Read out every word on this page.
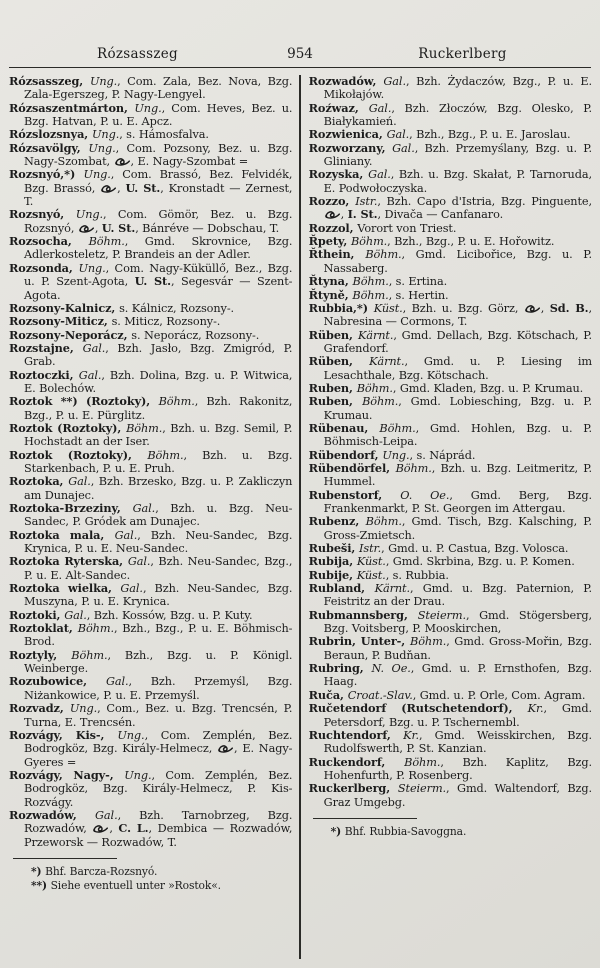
Rózsasszeg	954	Ruckerlberg
Rózsasszeg, Ung., Com. Zala, Bez. Nova, Bzg. Zala-Egerszeg, P. Nagy-Lengyel.
Rózsaszentmárton, Ung., Com. Heves, Bez. u. Bzg. Hatvan, P. u. E. Apcz.
Rózslozsnya, Ung., s. Hámosfalva.
Rózsavölgy, Ung., Com. Pozsony, Bez. u. Bzg. Nagy-Szombat, , E. Nagy-Szombat =
Rozsnyó,*) Ung., Com. Brassó, Bez. Felvidék, Bzg. Brassó, , U. St., Kronstadt — Zernest, T.
Rozsnyó, Ung., Com. Gömör, Bez. u. Bzg. Rozsnyó, , U. St., Bánréve — Dobschau, T.
Rozsocha, Böhm., Gmd. Skrovnice, Bzg. Adlerkosteletz, P. Brandeis an der Adler.
Rozsonda, Ung., Com. Nagy-Küküllő, Bez., Bzg. u. P. Szent-Agota, U. St., Segesvár — Szent-Agota.
Rozsony-Kalnicz, s. Kálnicz, Rozsony-.
Rozsony-Miticz, s. Miticz, Rozsony-.
Rozsony-Neporácz, s. Neporácz, Rozsony-.
Rozstajne, Gal., Bzh. Jasło, Bzg. Zmigród, P. Grab.
Roztoczki, Gal., Bzh. Dolina, Bzg. u. P. Witwica, E. Bolechów.
Roztok **) (Roztoky), Böhm., Bzh. Rakonitz, Bzg., P. u. E. Pürglitz.
Roztok (Roztoky), Böhm., Bzh. u. Bzg. Semil, P. Hochstadt an der Iser.
Roztok (Roztoky), Böhm., Bzh. u. Bzg. Starkenbach, P. u. E. Pruh.
Roztoka, Gal., Bzh. Brzesko, Bzg. u. P. Zakliczyn am Dunajec.
Roztoka-Brzeziny, Gal., Bzh. u. Bzg. Neu-Sandec, P. Gródek am Dunajec.
Roztoka mala, Gal., Bzh. Neu-Sandec, Bzg. Krynica, P. u. E. Neu-Sandec.
Roztoka Ryterska, Gal., Bzh. Neu-Sandec, Bzg., P. u. E. Alt-Sandec.
Roztoka wielka, Gal., Bzh. Neu-Sandec, Bzg. Muszyna, P. u. E. Krynica.
Roztoki, Gal., Bzh. Kossów, Bzg. u. P. Kuty.
Roztoklat, Böhm., Bzh., Bzg., P. u. E. Böhmisch-Brod.
Roztyly, Böhm., Bzh., Bzg. u. P. Königl. Weinberge.
Rozubowice, Gal., Bzh. Przemyśl, Bzg. Niżankowice, P. u. E. Przemyśl.
Rozvadz, Ung., Com., Bez. u. Bzg. Trencsén, P. Turna, E. Trencsén.
Rozvágy, Kis-, Ung., Com. Zemplén, Bez. Bodrogköz, Bzg. Király-Helmecz, , E. Nagy-Gyeres =
Rozvágy, Nagy-, Ung., Com. Zemplén, Bez. Bodrogköz, Bzg. Király-Helmecz, P. Kis-Rozvágy.
Rozwadów, Gal., Bzh. Tarnobrzeg, Bzg. Rozwadów, , C. L., Dembica — Rozwadów, Przeworsk — Rozwadów, T.
*) Bhf. Barcza-Rozsnyó.
**) Siehe eventuell unter »Rostok«.
Rozwadów, Gal., Bzh. Żydaczów, Bzg., P. u. E. Mikołajów.
Roźwaz, Gal., Bzh. Złoczów, Bzg. Olesko, P. Białykamień.
Rozwienica, Gal., Bzh., Bzg., P. u. E. Jaroslau.
Rozworzany, Gal., Bzh. Przemyślany, Bzg. u. P. Gliniany.
Rozyska, Gal., Bzh. u. Bzg. Skałat, P. Tarnoruda, E. Podwołoczyska.
Rozzo, Istr., Bzh. Capo d'Istria, Bzg. Pinguente, , I. St., Divača — Canfanaro.
Rozzol, Vorort von Triest.
Řpety, Böhm., Bzh., Bzg., P. u. E. Hořowitz.
Řthein, Böhm., Gmd. Licibořice, Bzg. u. P. Nassaberg.
Řtyna, Böhm., s. Ertina.
Řtyně, Böhm., s. Hertin.
Rubbia,*) Küst., Bzh. u. Bzg. Görz, , Sd. B., Nabresina — Cormons, T.
Rüben, Kärnt., Gmd. Dellach, Bzg. Kötschach, P. Grafendorf.
Rüben, Kärnt., Gmd. u. P. Liesing im Lesachthale, Bzg. Kötschach.
Ruben, Böhm., Gmd. Kladen, Bzg. u. P. Krumau.
Ruben, Böhm., Gmd. Lobiesching, Bzg. u. P. Krumau.
Rübenau, Böhm., Gmd. Hohlen, Bzg. u. P. Böhmisch-Leipa.
Rübendorf, Ung., s. Náprád.
Rübendörfel, Böhm., Bzh. u. Bzg. Leitmeritz, P. Hummel.
Rubenstorf, O. Oe., Gmd. Berg, Bzg. Frankenmarkt, P. St. Georgen im Attergau.
Rubenz, Böhm., Gmd. Tisch, Bzg. Kalsching, P. Gross-Zmietsch.
Rubeši, Istr., Gmd. u. P. Castua, Bzg. Volosca.
Rubija, Küst., Gmd. Skrbina, Bzg. u. P. Komen.
Rubije, Küst., s. Rubbia.
Rubland, Kärnt., Gmd. u. Bzg. Paternion, P. Feistritz an der Drau.
Rubmannsberg, Steierm., Gmd. Stögersberg, Bzg. Voitsberg, P. Mooskirchen,
Rubrin, Unter-, Böhm., Gmd. Gross-Mořin, Bzg. Beraun, P. Budňan.
Rubring, N. Oe., Gmd. u. P. Ernsthofen, Bzg. Haag.
Ruča, Croat.-Slav., Gmd. u. P. Orle, Com. Agram.
Ručetendorf (Rutschetendorf), Kr., Gmd. Petersdorf, Bzg. u. P. Tschernembl.
Ruchtendorf, Kr., Gmd. Weisskirchen, Bzg. Rudolfswerth, P. St. Kanzian.
Ruckendorf, Böhm., Bzh. Kaplitz, Bzg. Hohenfurth, P. Rosenberg.
Ruckerlberg, Steierm., Gmd. Waltendorf, Bzg. Graz Umgebg.
*) Bhf. Rubbia-Savoggna.
